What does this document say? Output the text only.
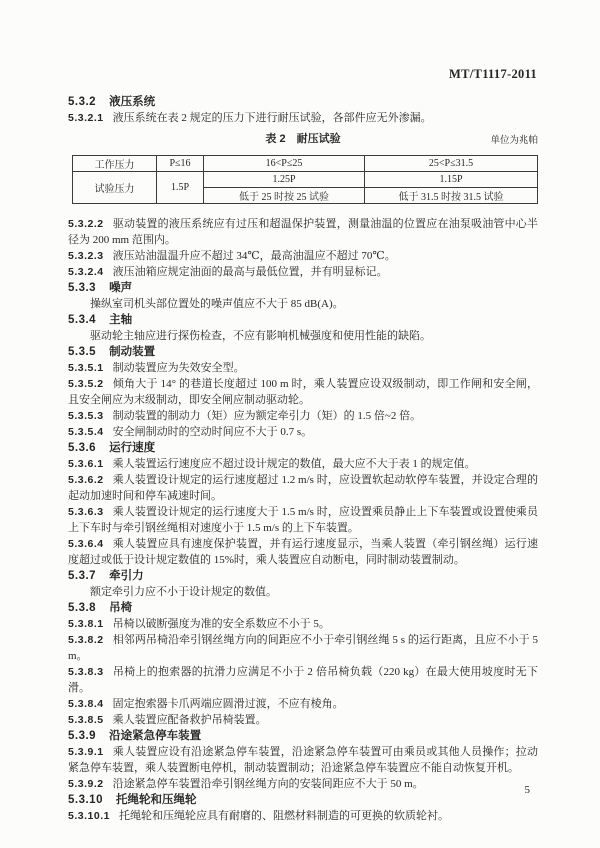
MT/T1117-2011

5.3.2 液压系统

5.3.2.1 液压系统在表 2 规定的压力下进行耐压试验，各部件应无外渗漏。

表 2　耐压试验	单位为兆帕
工作压力	P≤16	16<P≤25	25<P≤31.5
试验压力	1.5P	1.25P	1.15P
		低于 25 时按 25 试验	低于 31.5 时按 31.5 试验

5.3.2.2 驱动装置的液压系统应有过压和超温保护装置，测量油温的位置应在油泵吸油管中心半径为 200 mm 范围内。

5.3.2.3 液压站油温温升应不超过 34℃，最高油温应不超过 70℃。

5.3.2.4 液压油箱应规定油面的最高与最低位置，并有明显标记。

5.3.3 噪声

操纵室司机头部位置处的噪声值应不大于 85 dB(A)。

5.3.4 主轴

驱动轮主轴应进行探伤检查，不应有影响机械强度和使用性能的缺陷。

5.3.5 制动装置

5.3.5.1 制动装置应为失效安全型。

5.3.5.2 倾角大于 14° 的巷道长度超过 100 m 时，乘人装置应设双级制动，即工作闸和安全闸，且安全闸应为末级制动，即安全闸应制动驱动轮。

5.3.5.3 制动装置的制动力（矩）应为额定牵引力（矩）的 1.5 倍~2 倍。

5.3.5.4 安全闸制动时的空动时间应不大于 0.7 s。

5.3.6 运行速度

5.3.6.1 乘人装置运行速度应不超过设计规定的数值，最大应不大于表 1 的规定值。

5.3.6.2 乘人装置设计规定的运行速度超过 1.2 m/s 时，应设置软起动软停车装置，并设定合理的起动加速时间和停车减速时间。

5.3.6.3 乘人装置设计规定的运行速度大于 1.5 m/s 时，应设置乘员静止上下车装置或设置使乘员上下车时与牵引钢丝绳相对速度小于 1.5 m/s 的上下车装置。

5.3.6.4 乘人装置应具有速度保护装置，并有运行速度显示，当乘人装置（牵引钢丝绳）运行速度超过或低于设计规定数值的 15%时，乘人装置应自动断电，同时制动装置制动。

5.3.7 牵引力

额定牵引力应不小于设计规定的数值。

5.3.8 吊椅

5.3.8.1 吊椅以破断强度为准的安全系数应不小于 5。

5.3.8.2 相邻两吊椅沿牵引钢丝绳方向的间距应不小于牵引钢丝绳 5 s 的运行距离，且应不小于 5 m。

5.3.8.3 吊椅上的抱索器的抗滑力应满足不小于 2 倍吊椅负载（220 kg）在最大使用坡度时无下滑。

5.3.8.4 固定抱索器卡爪两端应圆滑过渡，不应有棱角。

5.3.8.5 乘人装置应配备救护吊椅装置。

5.3.9 沿途紧急停车装置

5.3.9.1 乘人装置应设有沿途紧急停车装置，沿途紧急停车装置可由乘员或其他人员操作；拉动紧急停车装置，乘人装置断电停机，制动装置制动；沿途紧急停车装置应不能自动恢复开机。

5.3.9.2 沿途紧急停车装置沿牵引钢丝绳方向的安装间距应不大于 50 m。

5.3.10 托绳轮和压绳轮

5.3.10.1 托绳轮和压绳轮应具有耐磨的、阻燃材料制造的可更换的软质轮衬。

5
